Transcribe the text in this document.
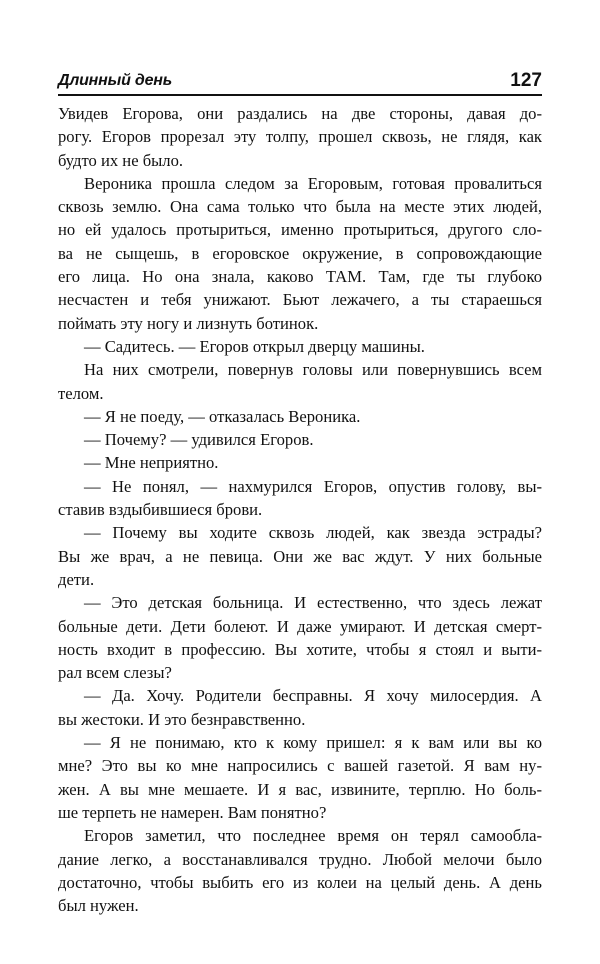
Длинный день	127
Увидев Егорова, они раздались на две стороны, давая до-
рогу. Егоров прорезал эту толпу, прошел сквозь, не глядя, как
будто их не было.
Вероника прошла следом за Егоровым, готовая провалиться
сквозь землю. Она сама только что была на месте этих людей,
но ей удалось протыриться, именно протыриться, другого сло-
ва не сыщешь, в егоровское окружение, в сопровождающие
его лица. Но она знала, каково ТАМ. Там, где ты глубоко
несчастен и тебя унижают. Бьют лежачего, а ты стараешься
поймать эту ногу и лизнуть ботинок.
— Садитесь. — Егоров открыл дверцу машины.
На них смотрели, повернув головы или повернувшись всем
телом.
— Я не поеду, — отказалась Вероника.
— Почему? — удивился Егоров.
— Мне неприятно.
— Не понял, — нахмурился Егоров, опустив голову, вы-
ставив вздыбившиеся брови.
— Почему вы ходите сквозь людей, как звезда эстрады?
Вы же врач, а не певица. Они же вас ждут. У них больные
дети.
— Это детская больница. И естественно, что здесь лежат
больные дети. Дети болеют. И даже умирают. И детская смерт-
ность входит в профессию. Вы хотите, чтобы я стоял и выти-
рал всем слезы?
— Да. Хочу. Родители бесправны. Я хочу милосердия. А
вы жестоки. И это безнравственно.
— Я не понимаю, кто к кому пришел: я к вам или вы ко
мне? Это вы ко мне напросились с вашей газетой. Я вам ну-
жен. А вы мне мешаете. И я вас, извините, терплю. Но боль-
ше терпеть не намерен. Вам понятно?
Егоров заметил, что последнее время он терял самообла-
дание легко, а восстанавливался трудно. Любой мелочи было
достаточно, чтобы выбить его из колеи на целый день. А день
был нужен.
